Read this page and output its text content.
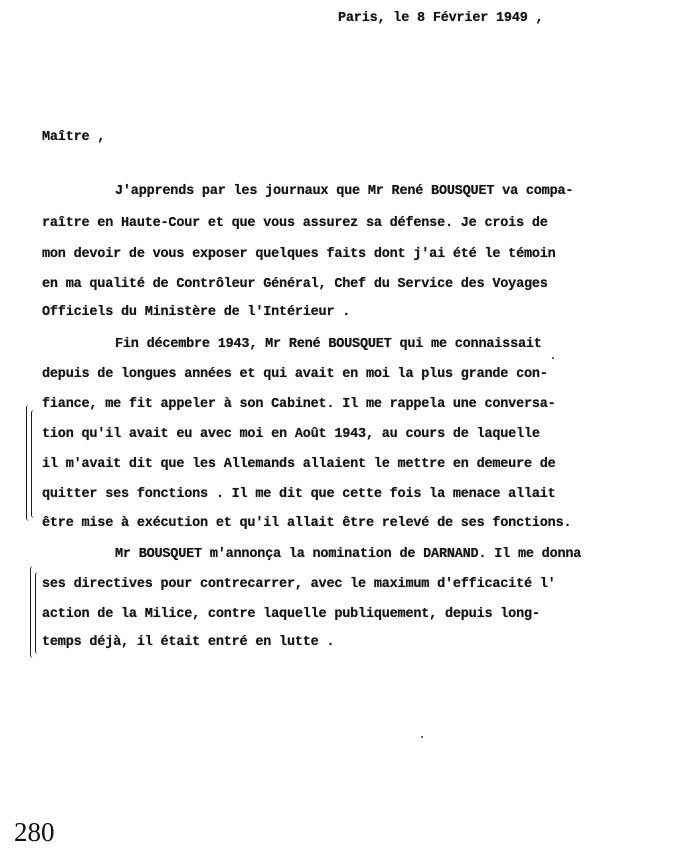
Paris, le 8 Février 1949 ,
Maître ,
J'apprends par les journaux que Mr René BOUSQUET va compa-
raître en Haute-Cour et que vous assurez sa défense. Je crois de
mon devoir de vous exposer quelques faits dont j'ai été le témoin
en ma qualité de Contrôleur Général, Chef du Service des Voyages
Officiels du Ministère de l'Intérieur .
Fin décembre 1943, Mr René BOUSQUET qui me connaissait
depuis de longues années et qui avait en moi la plus grande con-
fiance, me fit appeler à son Cabinet. Il me rappela une conversa-
tion qu'il avait eu avec moi en Août 1943, au cours de laquelle
il m'avait dit que les Allemands allaient le mettre en demeure de
quitter ses fonctions . Il me dit que cette fois la menace allait
être mise à exécution et qu'il allait être relevé de ses fonctions.
Mr BOUSQUET m'annonça la nomination de DARNAND. Il me donna
ses directives pour contrecarrer, avec le maximum d'efficacité l'
action de la Milice, contre laquelle publiquement, depuis long-
temps déjà, il était entré en lutte .
280
